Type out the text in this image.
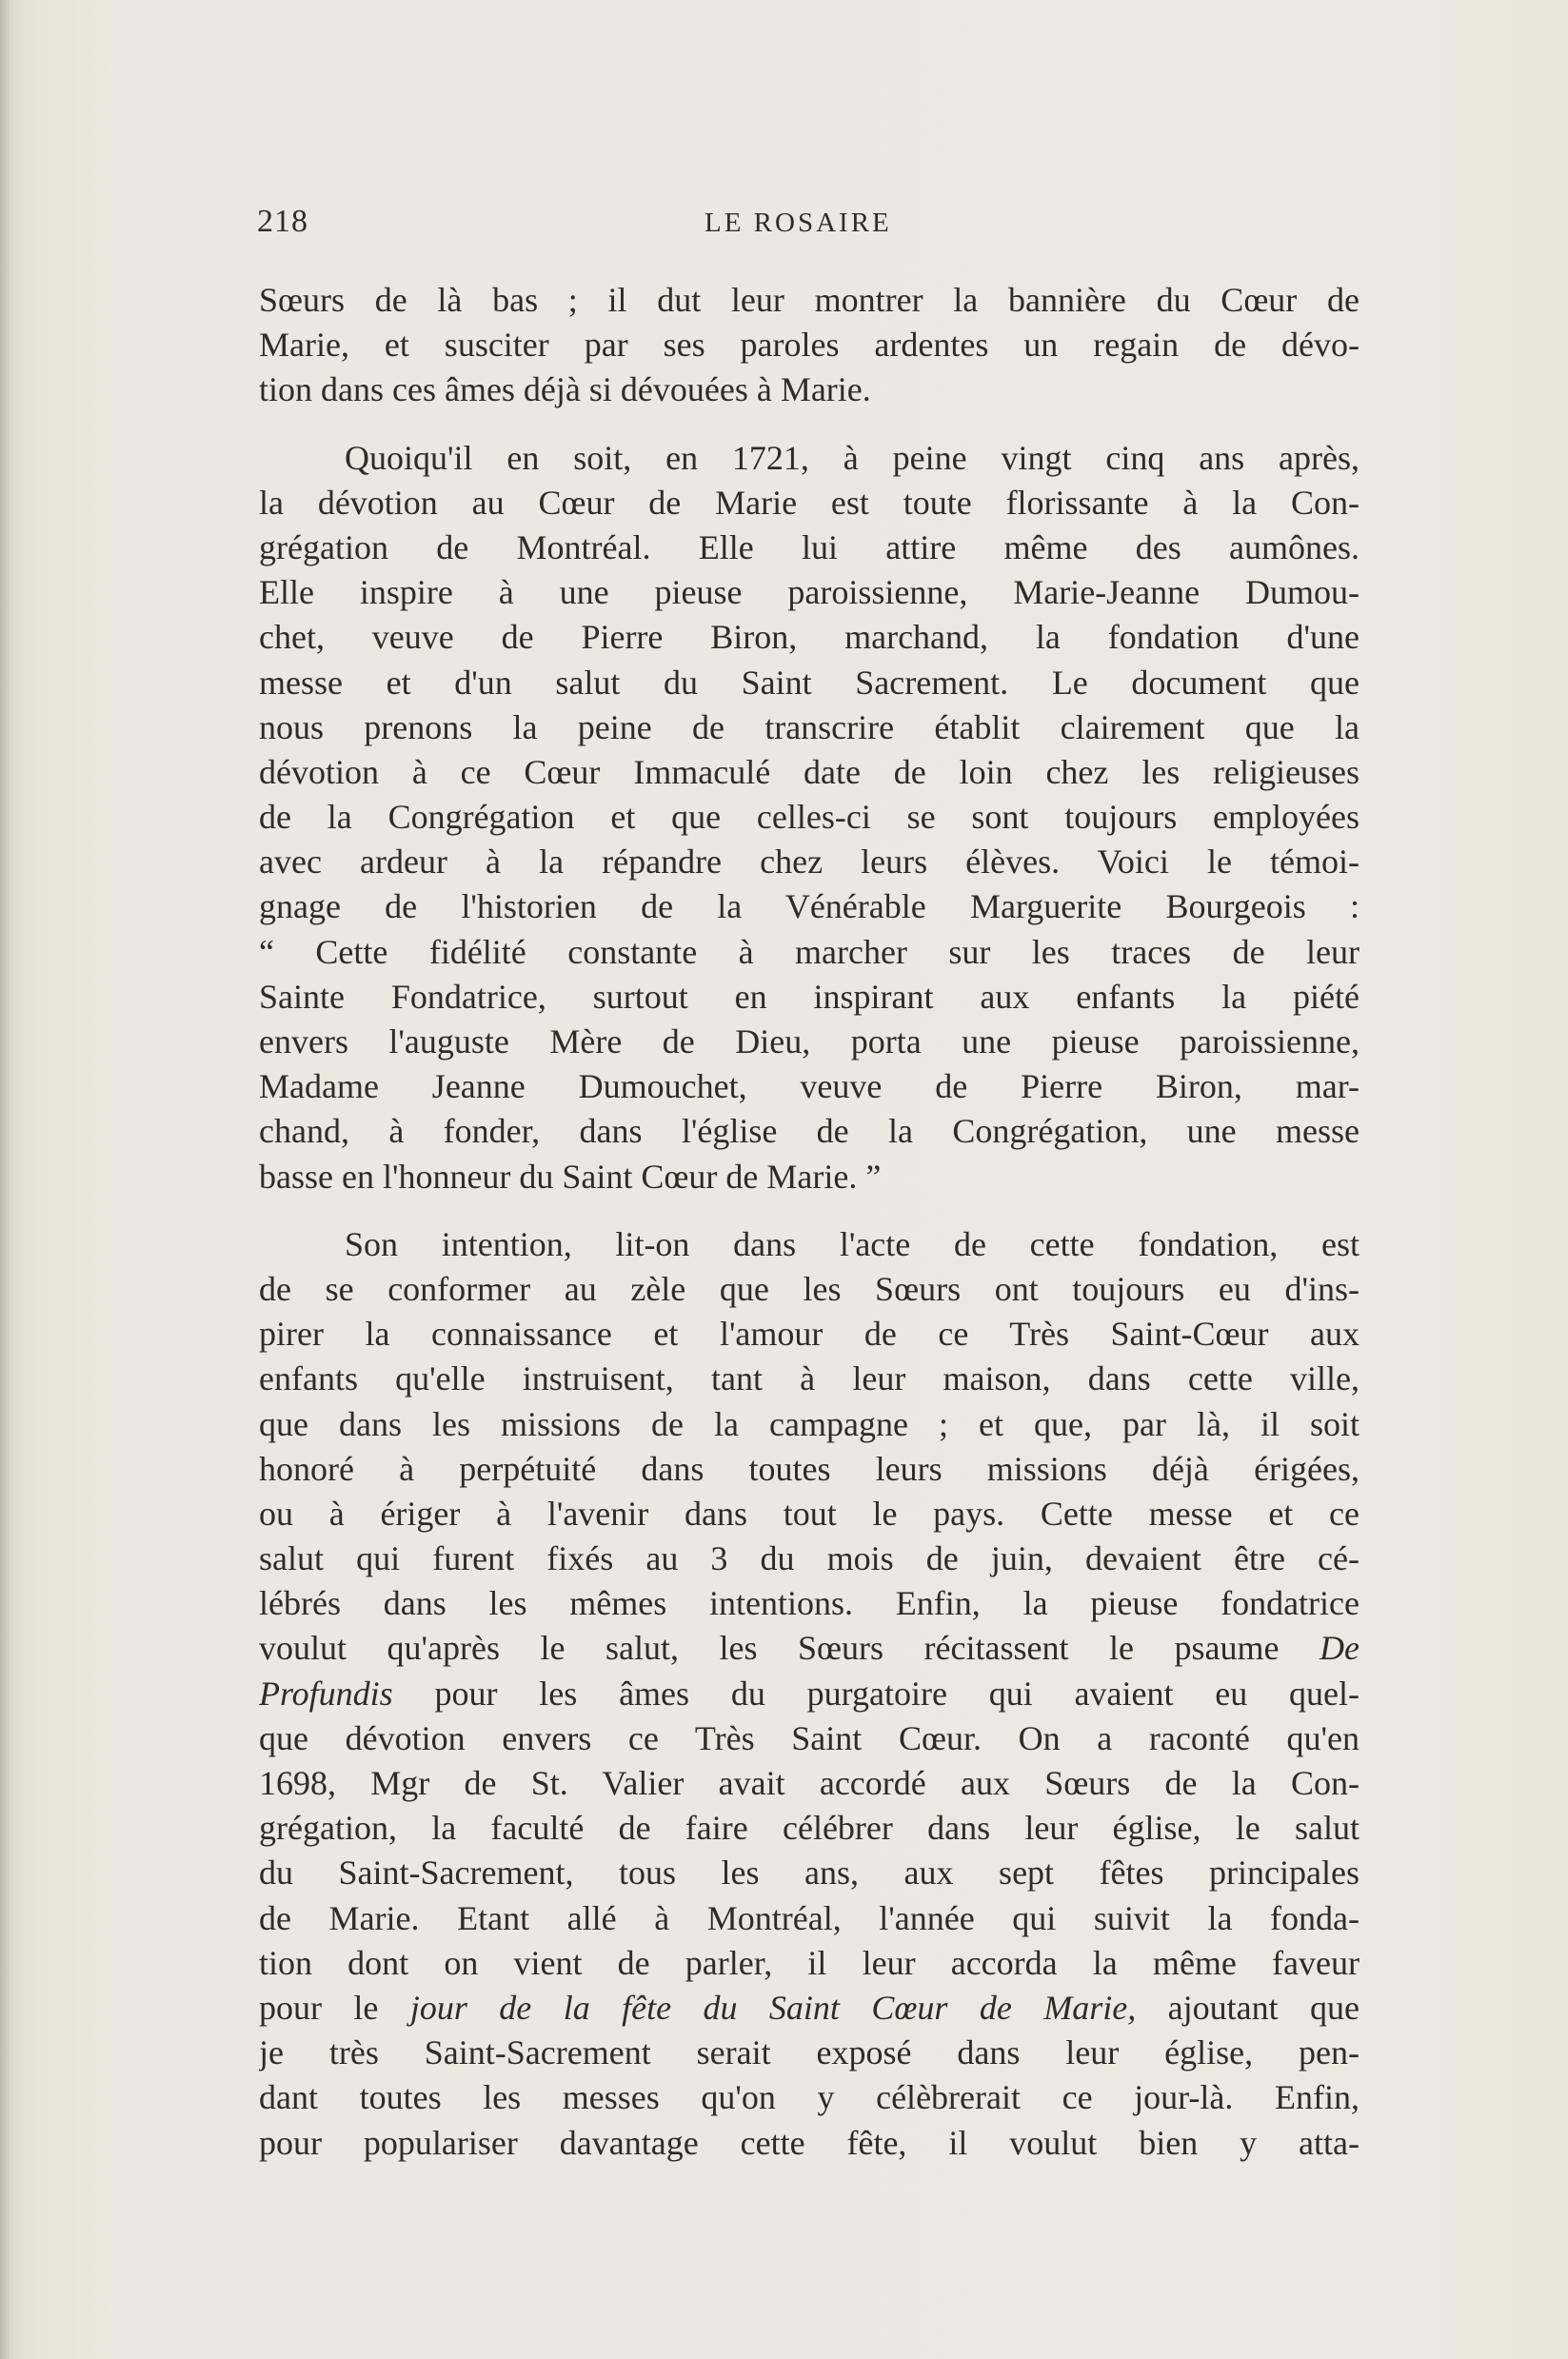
218	LE ROSAIRE
Sœurs de là bas ; il dut leur montrer la bannière du Cœur de
Marie, et susciter par ses paroles ardentes un regain de dévo-
tion dans ces âmes déjà si dévouées à Marie.
Quoiqu'il en soit, en 1721, à peine vingt cinq ans après,
la dévotion au Cœur de Marie est toute florissante à la Con-
grégation de Montréal. Elle lui attire même des aumônes.
Elle inspire à une pieuse paroissienne, Marie-Jeanne Dumou-
chet, veuve de Pierre Biron, marchand, la fondation d'une
messe et d'un salut du Saint Sacrement. Le document que
nous prenons la peine de transcrire établit clairement que la
dévotion à ce Cœur Immaculé date de loin chez les religieuses
de la Congrégation et que celles-ci se sont toujours employées
avec ardeur à la répandre chez leurs élèves. Voici le témoi-
gnage de l'historien de la Vénérable Marguerite Bourgeois :
“ Cette fidélité constante à marcher sur les traces de leur
Sainte Fondatrice, surtout en inspirant aux enfants la piété
envers l'auguste Mère de Dieu, porta une pieuse paroissienne,
Madame Jeanne Dumouchet, veuve de Pierre Biron, mar-
chand, à fonder, dans l'église de la Congrégation, une messe
basse en l'honneur du Saint Cœur de Marie. ”
Son intention, lit-on dans l'acte de cette fondation, est
de se conformer au zèle que les Sœurs ont toujours eu d'ins-
pirer la connaissance et l'amour de ce Très Saint-Cœur aux
enfants qu'elle instruisent, tant à leur maison, dans cette ville,
que dans les missions de la campagne ; et que, par là, il soit
honoré à perpétuité dans toutes leurs missions déjà érigées,
ou à ériger à l'avenir dans tout le pays. Cette messe et ce
salut qui furent fixés au 3 du mois de juin, devaient être cé-
lébrés dans les mêmes intentions. Enfin, la pieuse fondatrice
voulut qu'après le salut, les Sœurs récitassent le psaume De
Profundis pour les âmes du purgatoire qui avaient eu quel-
que dévotion envers ce Très Saint Cœur. On a raconté qu'en
1698, Mgr de St. Valier avait accordé aux Sœurs de la Con-
grégation, la faculté de faire célébrer dans leur église, le salut
du Saint-Sacrement, tous les ans, aux sept fêtes principales
de Marie. Etant allé à Montréal, l'année qui suivit la fonda-
tion dont on vient de parler, il leur accorda la même faveur
pour le jour de la fête du Saint Cœur de Marie, ajoutant que
je très Saint-Sacrement serait exposé dans leur église, pen-
dant toutes les messes qu'on y célèbrerait ce jour-là. Enfin,
pour populariser davantage cette fête, il voulut bien y atta-
